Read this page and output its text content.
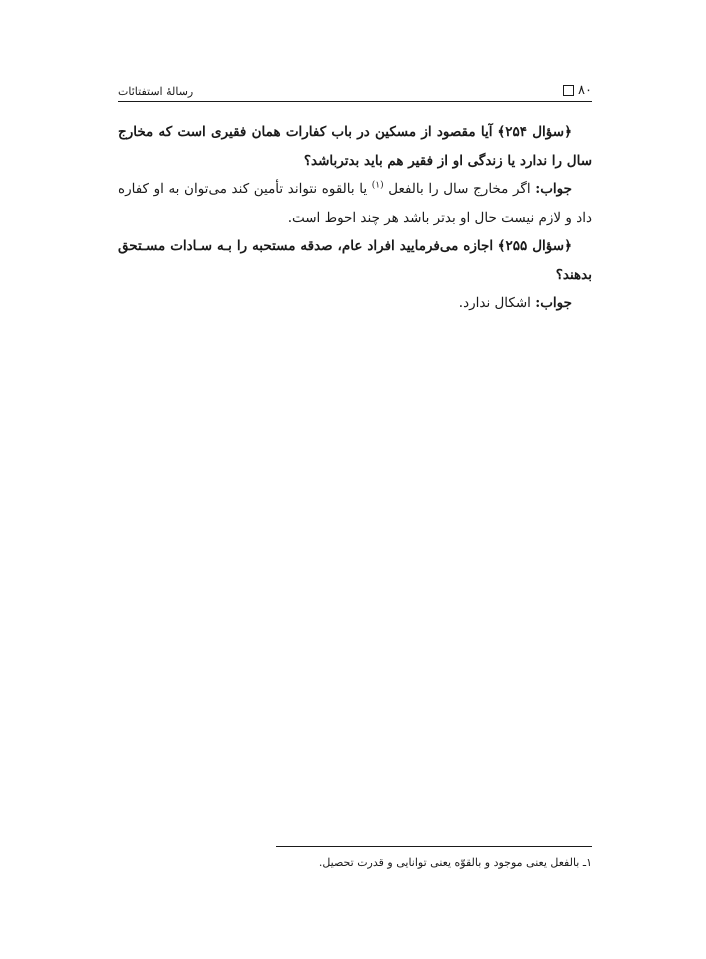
۸۰
رسالهٔ استفتائات

﴿سؤال ۲۵۴﴾ آیا مقصود از مسکین در باب کفارات همان فقیری است که مخارج سال را ندارد یا زندگی او از فقیر هم باید بدترباشد؟

جواب: اگر مخارج سال را بالفعل $^{(۱)}$ یا بالقوه نتواند تأمین کند می‌توان به او کفاره داد و لازم نیست حال او بدتر باشد هر چند احوط است.

﴿سؤال ۲۵۵﴾ اجازه می‌فرمایید افراد عام، صدقه مستحبه را بـه سـادات مسـتحق بدهند؟

جواب: اشکال ندارد.

۱ـ بالفعل یعنی موجود و بالقوّه یعنی توانایی و قدرت تحصیل.
